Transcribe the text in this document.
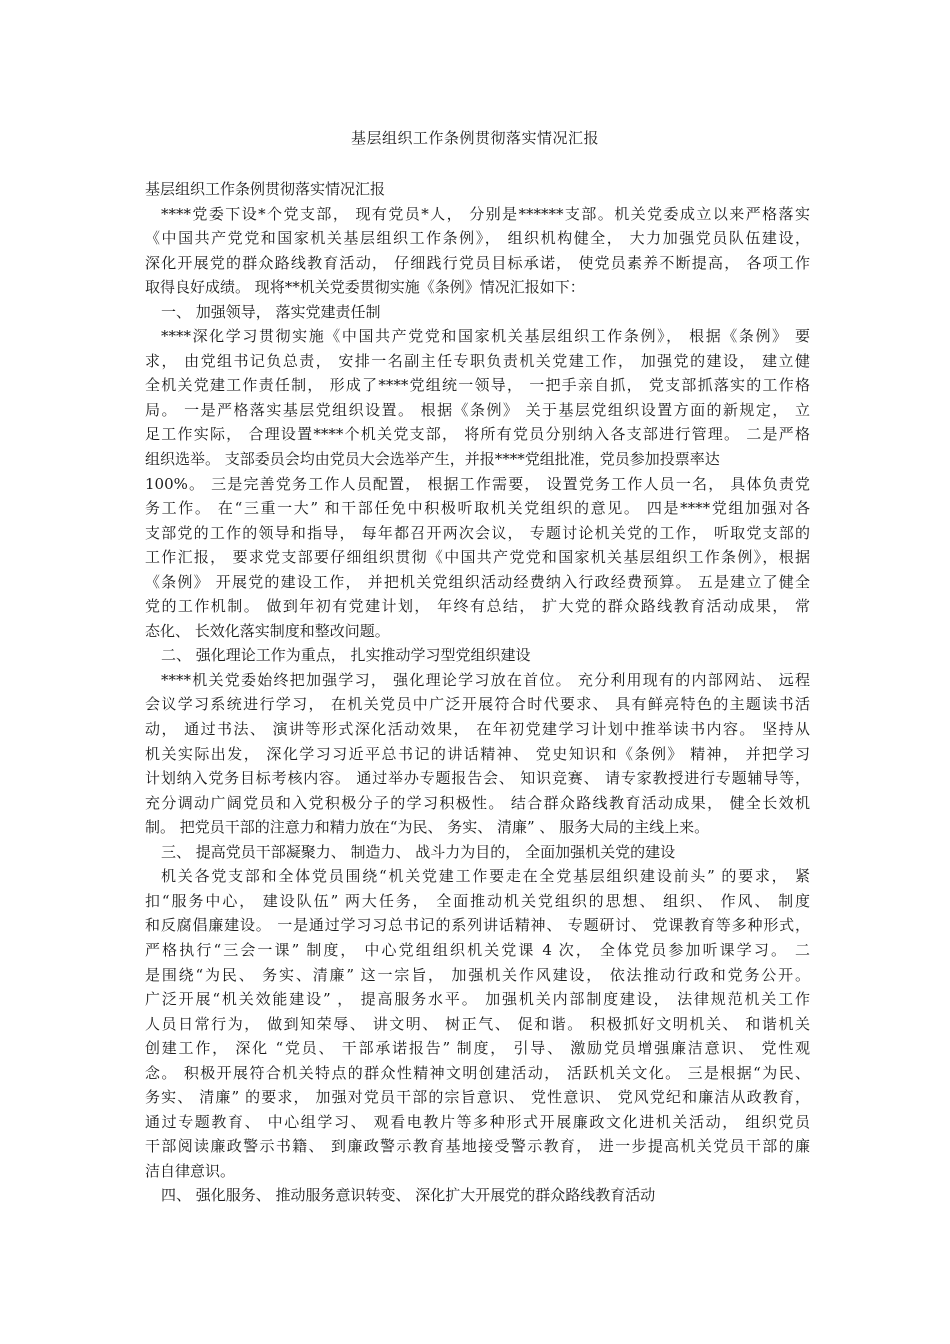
基层组织工作条例贯彻落实情况汇报
基层组织工作条例贯彻落实情况汇报
****党委下设*个党支部， 现有党员*人， 分别是******支部。机关党委成立以来严格落实
《中国共产党党和国家机关基层组织工作条例》， 组织机构健全， 大力加强党员队伍建设，
深化开展党的群众路线教育活动， 仔细践行党员目标承诺， 使党员素养不断提高， 各项工作
取得良好成绩。 现将**机关党委贯彻实施《条例》情况汇报如下：
一、 加强领导， 落实党建责任制
****深化学习贯彻实施《中国共产党党和国家机关基层组织工作条例》， 根据《条例》 要
求， 由党组书记负总责， 安排一名副主任专职负责机关党建工作， 加强党的建设， 建立健
全机关党建工作责任制， 形成了****党组统一领导， 一把手亲自抓， 党支部抓落实的工作格
局。 一是严格落实基层党组织设置。 根据《条例》 关于基层党组织设置方面的新规定， 立
足工作实际， 合理设置****个机关党支部， 将所有党员分别纳入各支部进行管理。 二是严格
组织选举。 支部委员会均由党员大会选举产生，并报****党组批准，党员参加投票率达
100%。 三是完善党务工作人员配置， 根据工作需要， 设置党务工作人员一名， 具体负责党
务工作。 在“三重一大” 和干部任免中积极听取机关党组织的意见。 四是****党组加强对各
支部党的工作的领导和指导， 每年都召开两次会议， 专题讨论机关党的工作， 听取党支部的
工作汇报， 要求党支部要仔细组织贯彻《中国共产党党和国家机关基层组织工作条例》，根据
《条例》 开展党的建设工作， 并把机关党组织活动经费纳入行政经费预算。 五是建立了健全
党的工作机制。 做到年初有党建计划， 年终有总结， 扩大党的群众路线教育活动成果， 常
态化、 长效化落实制度和整改问题。
二、 强化理论工作为重点， 扎实推动学习型党组织建设
****机关党委始终把加强学习， 强化理论学习放在首位。 充分利用现有的内部网站、 远程
会议学习系统进行学习， 在机关党员中广泛开展符合时代要求、 具有鲜亮特色的主题读书活
动， 通过书法、 演讲等形式深化活动效果， 在年初党建学习计划中推举读书内容。 坚持从
机关实际出发， 深化学习习近平总书记的讲话精神、 党史知识和《条例》 精神， 并把学习
计划纳入党务目标考核内容。 通过举办专题报告会、 知识竞赛、 请专家教授进行专题辅导等，
充分调动广阔党员和入党积极分子的学习积极性。 结合群众路线教育活动成果， 健全长效机
制。 把党员干部的注意力和精力放在“为民、 务实、 清廉” 、 服务大局的主线上来。
三、 提高党员干部凝聚力、 制造力、 战斗力为目的， 全面加强机关党的建设
机关各党支部和全体党员围绕“机关党建工作要走在全党基层组织建设前头” 的要求， 紧
扣“服务中心， 建设队伍” 两大任务， 全面推动机关党组织的思想、 组织、 作风、 制度
和反腐倡廉建设。 一是通过学习习总书记的系列讲话精神、 专题研讨、 党课教育等多种形式，
严格执行“三会一课” 制度， 中心党组组织机关党课 4 次， 全体党员参加听课学习。 二
是围绕“为民、 务实、清廉” 这一宗旨， 加强机关作风建设， 依法推动行政和党务公开。
广泛开展“机关效能建设” ， 提高服务水平。 加强机关内部制度建设， 法律规范机关工作
人员日常行为， 做到知荣辱、 讲文明、 树正气、 促和谐。 积极抓好文明机关、 和谐机关
创建工作， 深化 “党员、 干部承诺报告” 制度， 引导、 激励党员增强廉洁意识、 党性观
念。 积极开展符合机关特点的群众性精神文明创建活动， 活跃机关文化。 三是根据“为民、
务实、 清廉” 的要求， 加强对党员干部的宗旨意识、 党性意识、 党风党纪和廉洁从政教育，
通过专题教育、 中心组学习、 观看电教片等多种形式开展廉政文化进机关活动， 组织党员
干部阅读廉政警示书籍、 到廉政警示教育基地接受警示教育， 进一步提高机关党员干部的廉
洁自律意识。
四、 强化服务、 推动服务意识转变、 深化扩大开展党的群众路线教育活动
